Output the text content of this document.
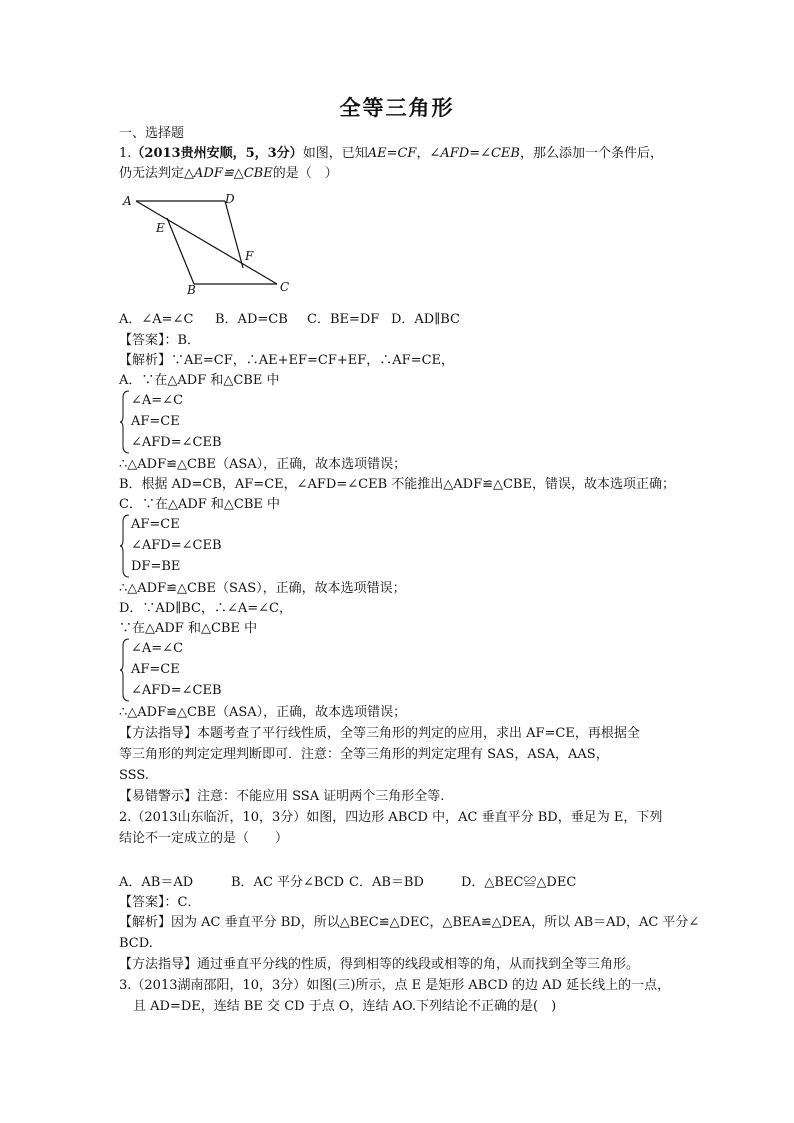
全等三角形
一、选择题
1.（2013贵州安顺，5，3分）如图，已知AE=CF，∠AFD=∠CEB，那么添加一个条件后，
仍无法判定△ADF≌△CBE的是（　）
A	D
E
F
B	C
A．∠A=∠C B．AD=CB C．BE=DF D．AD∥BC
【答案】：B．
【解析】∵AE=CF，∴AE+EF=CF+EF，∴AF=CE，
A．∵在△ADF 和△CBE 中
∠A=∠C
AF=CE
∠AFD=∠CEB
∴△ADF≌△CBE（ASA），正确，故本选项错误；
B．根据 AD=CB，AF=CE，∠AFD=∠CEB 不能推出△ADF≌△CBE，错误，故本选项正确；
C．∵在△ADF 和△CBE 中
AF=CE
∠AFD=∠CEB
DF=BE
∴△ADF≌△CBE（SAS），正确，故本选项错误；
D．∵AD∥BC，∴∠A=∠C，
∵在△ADF 和△CBE 中
∠A=∠C
AF=CE
∠AFD=∠CEB
∴△ADF≌△CBE（ASA），正确，故本选项错误；
【方法指导】本题考查了平行线性质，全等三角形的判定的应用，求出 AF=CE，再根据全
等三角形的判定定理判断即可．注意：全等三角形的判定定理有 SAS，ASA，AAS，
SSS.
【易错警示】注意：不能应用 SSA 证明两个三角形全等.
2.（2013山东临沂，10，3分）如图，四边形 ABCD 中，AC 垂直平分 BD，垂足为 E，下列
结论不一定成立的是（　　）
A．AB＝AD	B．AC 平分∠BCD C．AB＝BD	D．△BEC≌△DEC
【答案】：C．
【解析】因为 AC 垂直平分 BD，所以△BEC≌△DEC，△BEA≌△DEA，所以 AB＝AD，AC 平分∠
BCD.
【方法指导】通过垂直平分线的性质，得到相等的线段或相等的角，从而找到全等三角形。
3.（2013湖南邵阳，10，3分）如图(三)所示，点 E 是矩形 ABCD 的边 AD 延长线上的一点，
且 AD=DE，连结 BE 交 CD 于点 O，连结 AO.下列结论不正确的是(　)
